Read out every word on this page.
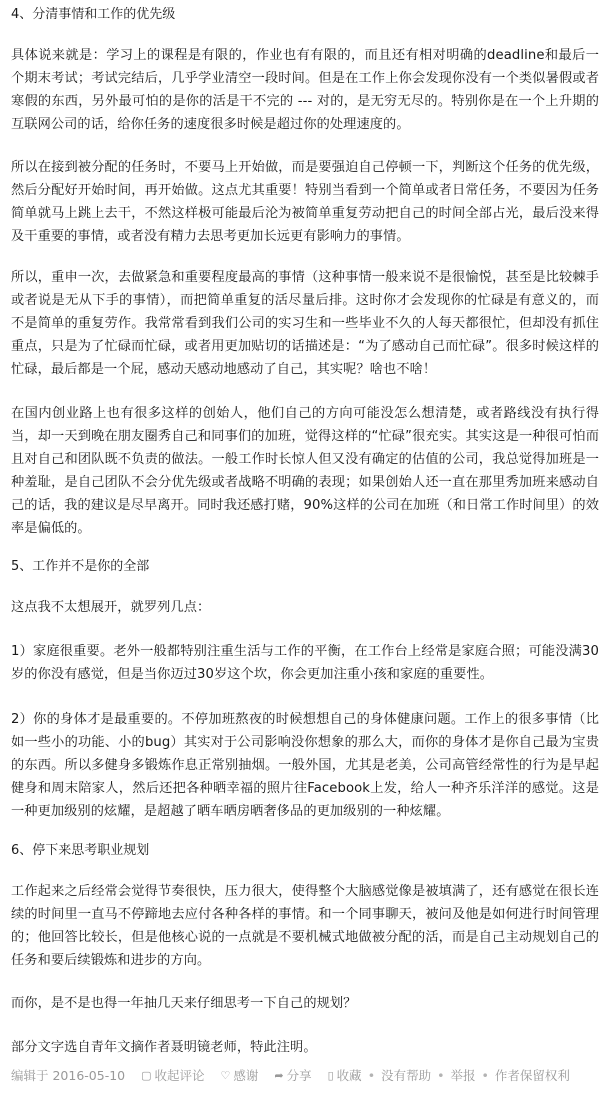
4、分清事情和工作的优先级

具体说来就是：学习上的课程是有限的，作业也有有限的，而且还有相对明确的deadline和最后一个期末考试；考试完结后，几乎学业清空一段时间。但是在工作上你会发现你没有一个类似暑假或者寒假的东西，另外最可怕的是你的活是干不完的 --- 对的，是无穷无尽的。特别你是在一个上升期的互联网公司的话，给你任务的速度很多时候是超过你的处理速度的。

所以在接到被分配的任务时，不要马上开始做，而是要强迫自己停顿一下，判断这个任务的优先级，然后分配好开始时间，再开始做。这点尤其重要！特别当看到一个简单或者日常任务，不要因为任务简单就马上跳上去干，不然这样极可能最后沦为被简单重复劳动把自己的时间全部占光，最后没来得及干重要的事情，或者没有精力去思考更加长远更有影响力的事情。

所以，重申一次，去做紧急和重要程度最高的事情（这种事情一般来说不是很愉悦，甚至是比较棘手或者说是无从下手的事情），而把简单重复的活尽量后排。这时你才会发现你的忙碌是有意义的，而不是简单的重复劳作。我常常看到我们公司的实习生和一些毕业不久的人每天都很忙，但却没有抓住重点，只是为了忙碌而忙碌，或者用更加贴切的话描述是：“为了感动自己而忙碌”。很多时候这样的忙碌，最后都是一个屁，感动天感动地感动了自己，其实呢？啥也不啥！

在国内创业路上也有很多这样的创始人，他们自己的方向可能没怎么想清楚，或者路线没有执行得当，却一天到晚在朋友圈秀自己和同事们的加班，觉得这样的“忙碌”很充实。其实这是一种很可怕而且对自己和团队既不负责的做法。一般工作时长惊人但又没有确定的估值的公司，我总觉得加班是一种羞耻，是自己团队不会分优先级或者战略不明确的表现；如果创始人还一直在那里秀加班来感动自己的话，我的建议是尽早离开。同时我还感打赌，90%这样的公司在加班（和日常工作时间里）的效率是偏低的。

5、工作并不是你的全部

这点我不太想展开，就罗列几点：

1）家庭很重要。老外一般都特别注重生活与工作的平衡，在工作台上经常是家庭合照；可能没满30岁的你没有感觉，但是当你迈过30岁这个坎，你会更加注重小孩和家庭的重要性。

2）你的身体才是最重要的。不停加班熬夜的时候想想自己的身体健康问题。工作上的很多事情（比如一些小的功能、小的bug）其实对于公司影响没你想象的那么大，而你的身体才是你自己最为宝贵的东西。所以多健身多锻炼作息正常别抽烟。一般外国，尤其是老美，公司高管经常性的行为是早起健身和周末陪家人，然后还把各种晒幸福的照片往Facebook上发，给人一种齐乐洋洋的感觉。这是一种更加级别的炫耀，是超越了晒车晒房晒奢侈品的更加级别的一种炫耀。

6、停下来思考职业规划

工作起来之后经常会觉得节奏很快，压力很大，使得整个大脑感觉像是被填满了，还有感觉在很长连续的时间里一直马不停蹄地去应付各种各样的事情。和一个同事聊天，被问及他是如何进行时间管理的；他回答比较长，但是他核心说的一点就是不要机械式地做被分配的活，而是自己主动规划自己的任务和要后续锻炼和进步的方向。

而你，是不是也得一年抽几天来仔细思考一下自己的规划？

部分文字选自青年文摘作者聂明镜老师，特此注明。

编辑于 2016-05-10
▢ 收起评论
♡ 感谢
➦ 分享
▯ 收藏 • 没有帮助 • 举报 • 作者保留权利
